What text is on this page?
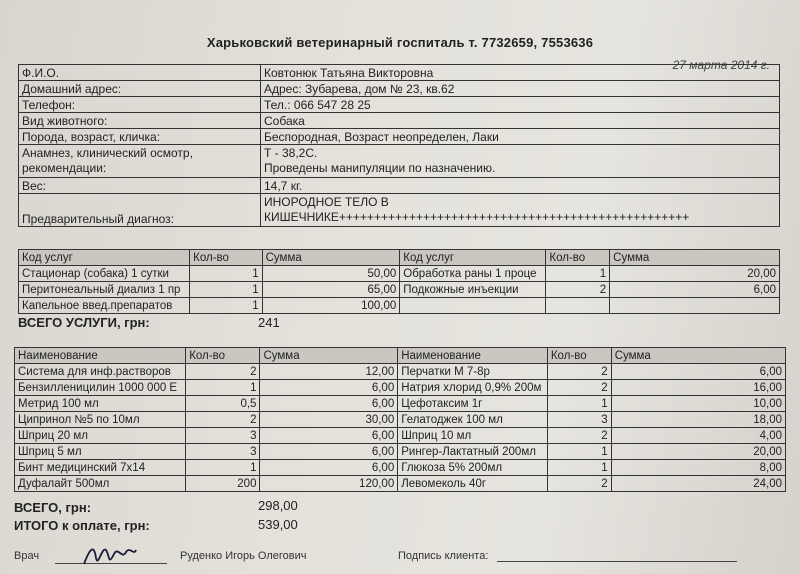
Харьковский ветеринарный госпиталь т. 7732659, 7553636
27 марта 2014 г.
Ф.И.О.	Ковтонюк Татьяна Викторовна
Домашний адрес:	Адрес: Зубарева, дом № 23, кв.62
Телефон:	Тел.: 066 547 28 25
Вид животного:	Собака
Порода, возраст, кличка:	Беспородная, Возраст неопределен, Лаки
Анамнез, клинический осмотр, рекомендации:	Т - 38,2С.
Проведены манипуляции по назначению.

Вес:	14,7 кг.
Предварительный диагноз:	ИНОРОДНОЕ ТЕЛО В
КИШЕЧНИКЕ++++++++++++++++++++++++++++++++++++++++++++++++++
Код услуг	Кол-во	Сумма	Код услуг	Кол-во	Сумма
Стационар (собака) 1 сутки	1	50,00	Обработка раны 1 проце	1	20,00
Перитонеальный диализ 1 пр	1	65,00	Подкожные инъекции	2	6,00
Капельное введ.препаратов	1	100,00			
ВСЕГО УСЛУГИ, грн:	241
Наименование	Кол-во	Сумма	Наименование	Кол-во	Сумма
Система для инф.растворов	2	12,00	Перчатки М 7-8р	2	6,00
Бензилленицилин 1000 000 Е	1	6,00	Натрия хлорид 0,9% 200м	2	16,00
Метрид 100 мл	0,5	6,00	Цефотаксим 1г	1	10,00
Ципринол №5 по 10мл	2	30,00	Гелатоджек 100 мл	3	18,00
Шприц 20 мл	3	6,00	Шприц 10 мл	2	4,00
Шприц 5 мл	3	6,00	Рингер-Лактатный 200мл	1	20,00
Бинт медицинский 7х14	1	6,00	Глюкоза 5% 200мл	1	8,00
Дуфалайт 500мл	200	120,00	Левомеколь 40г	2	24,00
ВСЕГО, грн:	298,00
ИТОГО к оплате, грн:	539,00
Врач	Руденко Игорь Олегович	Подпись клиента:
